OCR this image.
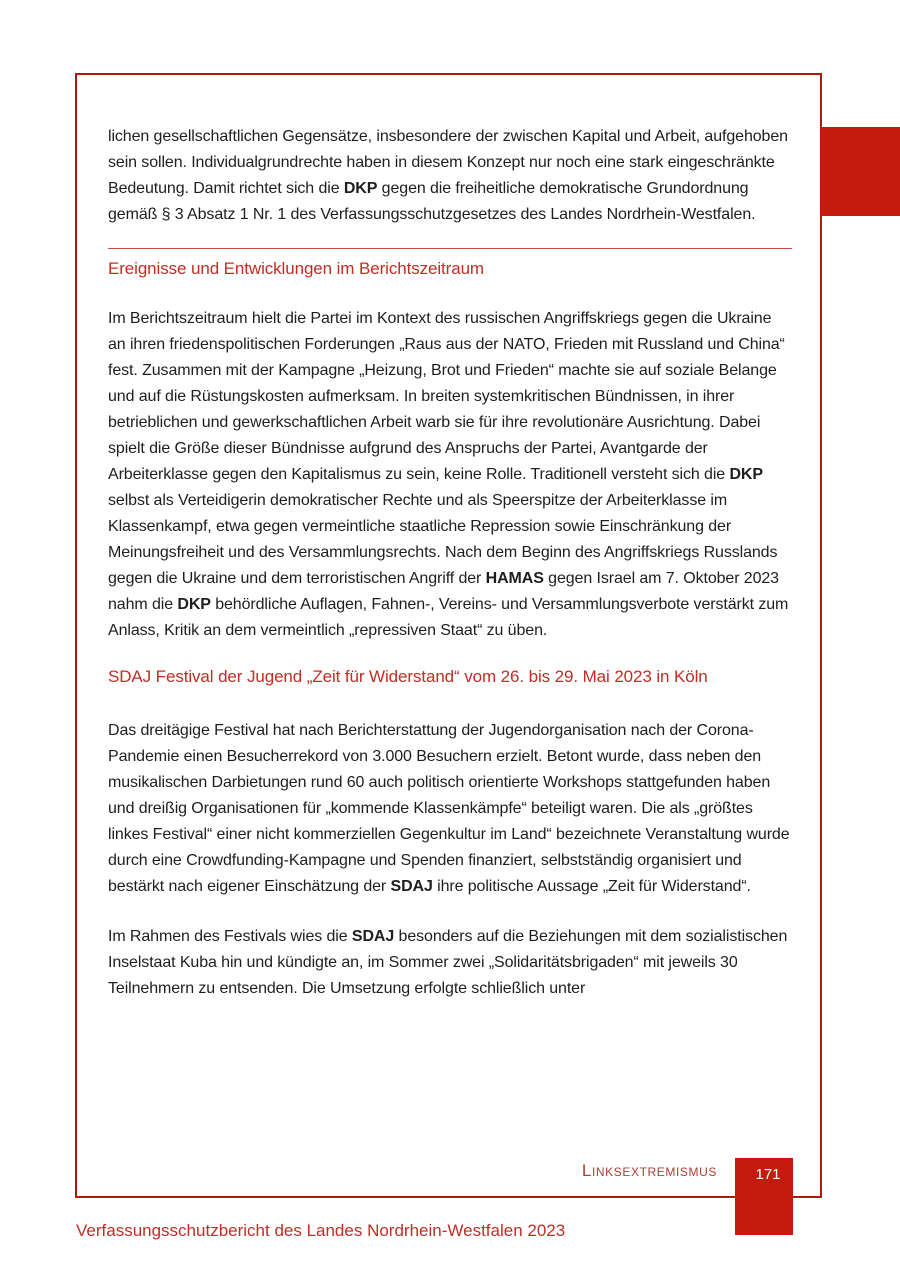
lichen gesellschaftlichen Gegensätze, insbesondere der zwischen Kapital und Arbeit, aufgehoben sein sollen. Individualgrundrechte haben in diesem Konzept nur noch eine stark eingeschränkte Bedeutung. Damit richtet sich die DKP gegen die freiheitliche demokratische Grundordnung gemäß § 3 Absatz 1 Nr. 1 des Verfassungsschutzgesetzes des Landes Nordrhein-Westfalen.

Ereignisse und Entwicklungen im Berichtszeitraum

Im Berichtszeitraum hielt die Partei im Kontext des russischen Angriffskriegs gegen die Ukraine an ihren friedenspolitischen Forderungen „Raus aus der NATO, Frieden mit Russland und China“ fest. Zusammen mit der Kampagne „Heizung, Brot und Frieden“ machte sie auf soziale Belange und auf die Rüstungskosten aufmerksam. In breiten systemkritischen Bündnissen, in ihrer betrieblichen und gewerkschaftlichen Arbeit warb sie für ihre revolutionäre Ausrichtung. Dabei spielt die Größe dieser Bündnisse aufgrund des Anspruchs der Partei, Avantgarde der Arbeiterklasse gegen den Kapitalismus zu sein, keine Rolle. Traditionell versteht sich die DKP selbst als Verteidigerin demokratischer Rechte und als Speerspitze der Arbeiterklasse im Klassenkampf, etwa gegen vermeintliche staatliche Repression sowie Einschränkung der Meinungsfreiheit und des Versammlungsrechts. Nach dem Beginn des Angriffskriegs Russlands gegen die Ukraine und dem terroristischen Angriff der HAMAS gegen Israel am 7. Oktober 2023 nahm die DKP behördliche Auflagen, Fahnen-, Vereins- und Versammlungsverbote verstärkt zum Anlass, Kritik an dem vermeintlich „repressiven Staat“ zu üben.

SDAJ Festival der Jugend „Zeit für Widerstand“ vom 26. bis 29. Mai 2023 in Köln

Das dreitägige Festival hat nach Berichterstattung der Jugendorganisation nach der Corona-Pandemie einen Besucherrekord von 3.000 Besuchern erzielt. Betont wurde, dass neben den musikalischen Darbietungen rund 60 auch politisch orientierte Workshops stattgefunden haben und dreißig Organisationen für „kommende Klassenkämpfe“ beteiligt waren. Die als „größtes linkes Festival“ einer nicht kommerziellen Gegenkultur im Land“ bezeichnete Veranstaltung wurde durch eine Crowdfunding-Kampagne und Spenden finanziert, selbstständig organisiert und bestärkt nach eigener Einschätzung der SDAJ ihre politische Aussage „Zeit für Widerstand“.

Im Rahmen des Festivals wies die SDAJ besonders auf die Beziehungen mit dem sozialistischen Inselstaat Kuba hin und kündigte an, im Sommer zwei „Solidaritätsbrigaden“ mit jeweils 30 Teilnehmern zu entsenden. Die Umsetzung erfolgte schließlich unter

Linksextremismus	171
Verfassungsschutzbericht des Landes Nordrhein-Westfalen 2023
